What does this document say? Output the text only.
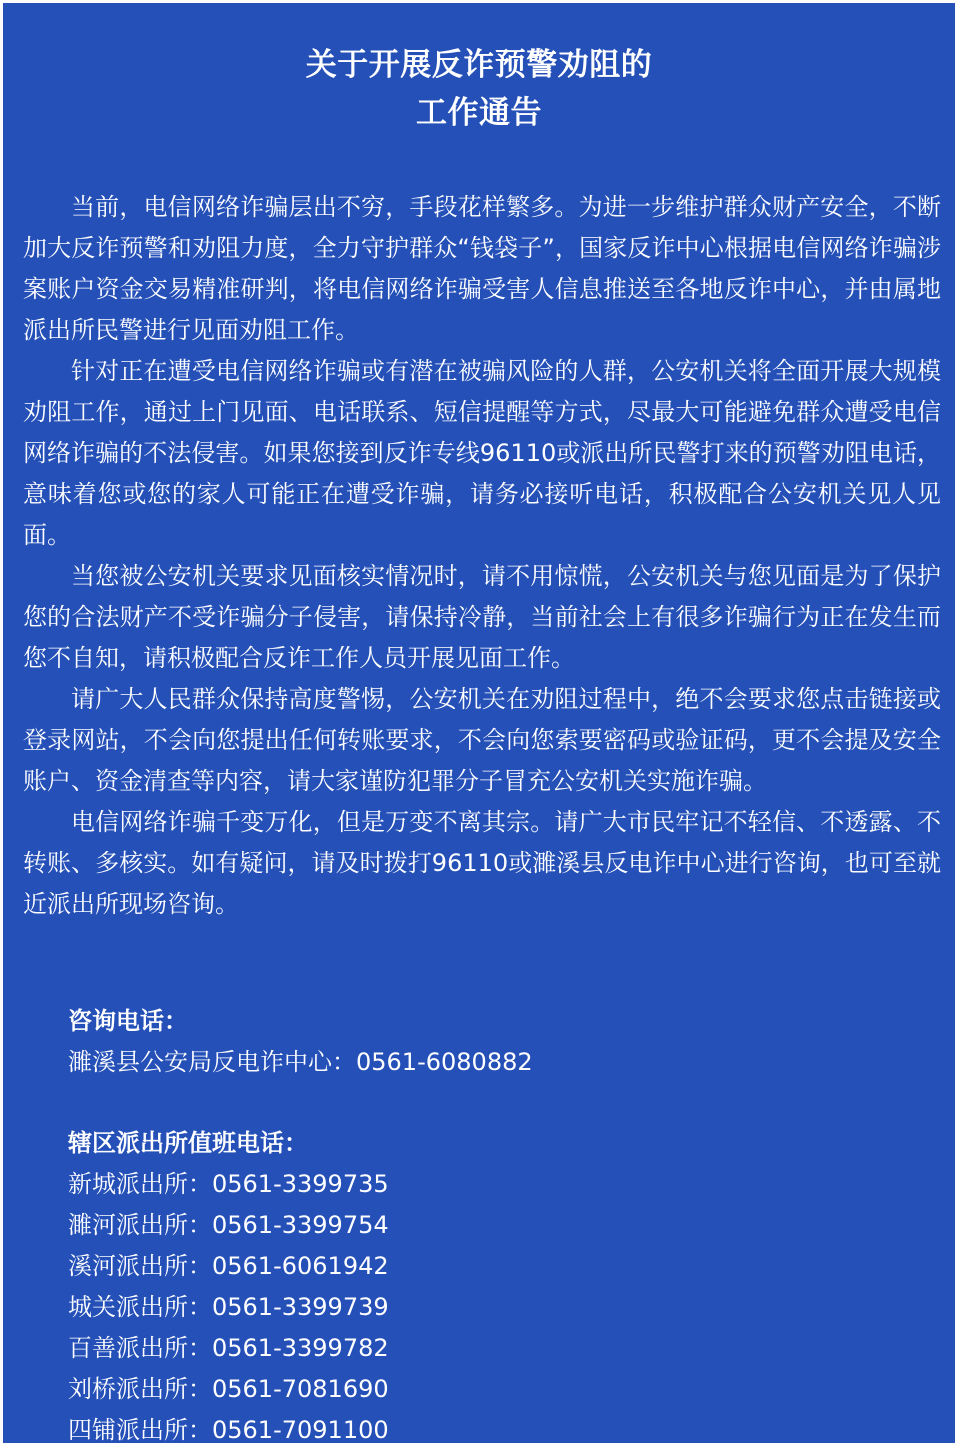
关于开展反诈预警劝阻的
工作通告

当前，电信网络诈骗层出不穷，手段花样繁多。为进一步维护群众财产安全，不断加大反诈预警和劝阻力度，全力守护群众“钱袋子”，国家反诈中心根据电信网络诈骗涉案账户资金交易精准研判，将电信网络诈骗受害人信息推送至各地反诈中心，并由属地派出所民警进行见面劝阻工作。

针对正在遭受电信网络诈骗或有潜在被骗风险的人群，公安机关将全面开展大规模劝阻工作，通过上门见面、电话联系、短信提醒等方式，尽最大可能避免群众遭受电信网络诈骗的不法侵害。如果您接到反诈专线96110或派出所民警打来的预警劝阻电话，意味着您或您的家人可能正在遭受诈骗，请务必接听电话，积极配合公安机关见人见面。

当您被公安机关要求见面核实情况时，请不用惊慌，公安机关与您见面是为了保护您的合法财产不受诈骗分子侵害，请保持冷静，当前社会上有很多诈骗行为正在发生而您不自知，请积极配合反诈工作人员开展见面工作。

请广大人民群众保持高度警惕，公安机关在劝阻过程中，绝不会要求您点击链接或登录网站，不会向您提出任何转账要求，不会向您索要密码或验证码，更不会提及安全账户、资金清查等内容，请大家谨防犯罪分子冒充公安机关实施诈骗。

电信网络诈骗千变万化，但是万变不离其宗。请广大市民牢记不轻信、不透露、不转账、多核实。如有疑问，请及时拨打96110或濉溪县反电诈中心进行咨询，也可至就近派出所现场咨询。

咨询电话：
濉溪县公安局反电诈中心：0561-6080882
辖区派出所值班电话：
新城派出所：0561-3399735
濉河派出所：0561-3399754
溪河派出所：0561-6061942
城关派出所：0561-3399739
百善派出所：0561-3399782
刘桥派出所：0561-7081690
四铺派出所：0561-7091100
